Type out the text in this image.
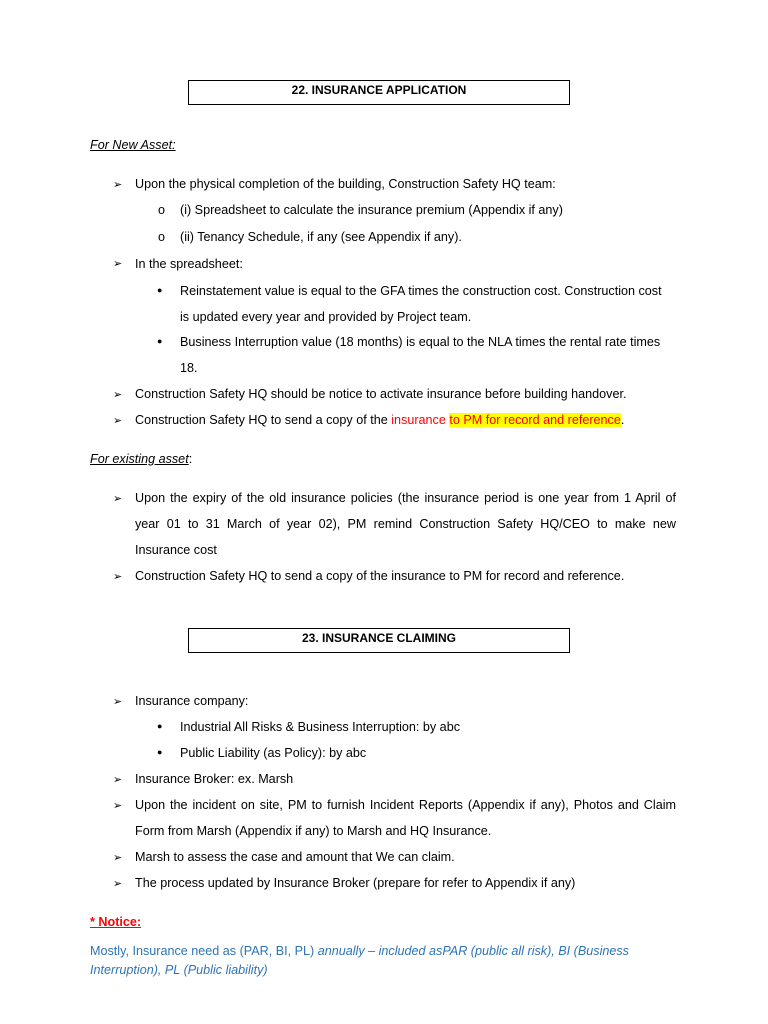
22. INSURANCE APPLICATION
For New Asset:
➢ Upon the physical completion of the building, Construction Safety HQ team:
o (i) Spreadsheet to calculate the insurance premium (Appendix if any)
o (ii) Tenancy Schedule, if any (see Appendix if any).
➢ In the spreadsheet:
● Reinstatement value is equal to the GFA times the construction cost. Construction cost
is updated every year and provided by Project team.
● Business Interruption value (18 months) is equal to the NLA times the rental rate times
18.
➢ Construction Safety HQ should be notice to activate insurance before building handover.
➢ Construction Safety HQ to send a copy of the insurance to PM for record and reference.
For existing asset:
➢ Upon the expiry of the old insurance policies (the insurance period is one year from 1 April of
year 01 to 31 March of year 02), PM remind Construction Safety HQ/CEO to make new
Insurance cost
➢ Construction Safety HQ to send a copy of the insurance to PM for record and reference.
23. INSURANCE CLAIMING
➢ Insurance company:
● Industrial All Risks & Business Interruption: by abc
● Public Liability (as Policy): by abc
➢ Insurance Broker: ex. Marsh
➢ Upon the incident on site, PM to furnish Incident Reports (Appendix if any), Photos and Claim
Form from Marsh (Appendix if any) to Marsh and HQ Insurance.
➢ Marsh to assess the case and amount that We can claim.
➢ The process updated by Insurance Broker (prepare for refer to Appendix if any)
* Notice:
Mostly, Insurance need as (PAR, BI, PL) annually – included asPAR (public all risk), BI (Business
Interruption), PL (Public liability)
